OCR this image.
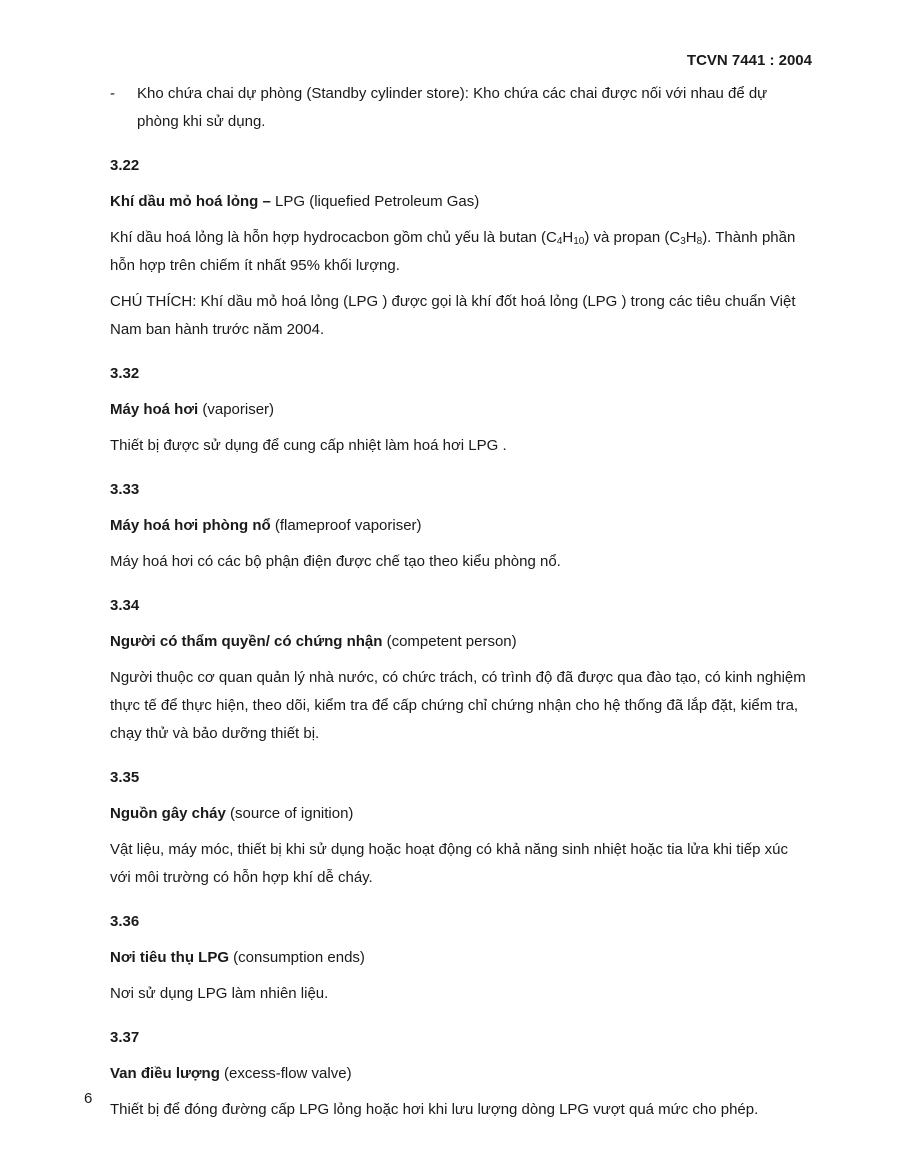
TCVN 7441 : 2004
- Kho chứa chai dự phòng (Standby cylinder store): Kho chứa các chai được nối với nhau để dự phòng khi sử dụng.
3.22
Khí dầu mỏ hoá lỏng – LPG (liquefied Petroleum Gas)
Khí dầu hoá lỏng là hỗn hợp hydrocacbon gồm chủ yếu là butan $(C_4H_{10})$ và propan $(C_3H_8)$. Thành phần hỗn hợp trên chiếm ít nhất 95% khối lượng.
CHÚ THÍCH: Khí dầu mỏ hoá lỏng (LPG ) được gọi là khí đốt hoá lỏng (LPG ) trong các tiêu chuẩn Việt Nam ban hành trước năm 2004.
3.32
Máy hoá hơi (vaporiser)
Thiết bị được sử dụng để cung cấp nhiệt làm hoá hơi LPG .
3.33
Máy hoá hơi phòng nổ (flameproof vaporiser)
Máy hoá hơi có các bộ phận điện được chế tạo theo kiểu phòng nổ.
3.34
Người có thẩm quyền/ có chứng nhận (competent person)
Người thuộc cơ quan quản lý nhà nước, có chức trách, có trình độ đã được qua đào tạo, có kinh nghiệm thực tế để thực hiện, theo dõi, kiểm tra để cấp chứng chỉ chứng nhận cho hệ thống đã lắp đặt, kiểm tra, chạy thử và bảo dưỡng thiết bị.
3.35
Nguồn gây cháy (source of ignition)
Vật liệu, máy móc, thiết bị khi sử dụng hoặc hoạt động có khả năng sinh nhiệt hoặc tia lửa khi tiếp xúc với môi trường có hỗn hợp khí dễ cháy.
3.36
Nơi tiêu thụ LPG (consumption ends)
Nơi sử dụng LPG làm nhiên liệu.
3.37
Van điều lượng (excess-flow valve)
Thiết bị để đóng đường cấp LPG lỏng hoặc hơi khi lưu lượng dòng LPG vượt quá mức cho phép.
6
